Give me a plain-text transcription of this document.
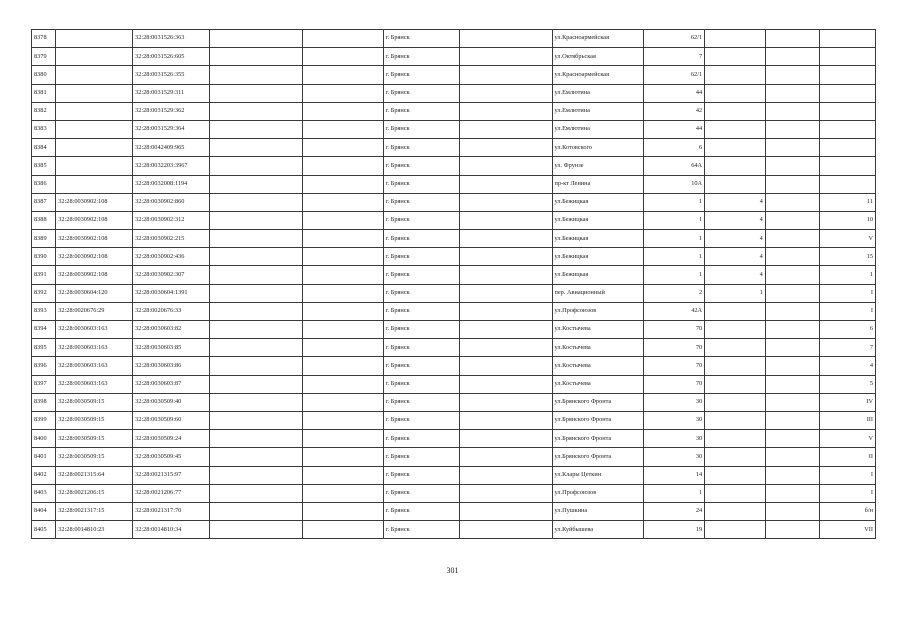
8378		32:28:0031526:363			г. Брянск		ул.Красноармейская	62/1			
8379		32:28:0031526:605			г. Брянск		ул.Октябрьская	7			
8380		32:28:0031526:355			г. Брянск		ул.Красноармейская	62/1			
8381		32:28:0031529:311			г. Брянск		ул.Емлютина	44			
8382		32:28:0031529:362			г. Брянск		ул.Емлютина	42			
8383		32:28:0031529:364			г. Брянск		ул.Емлютина	44			
8384		32:28:0042409:965			г. Брянск		ул.Котовского	6			
8385		32:28:0032203:3967			г. Брянск		ул. Фрунзе	64А			
8386		32:28:0032008:1194			г. Брянск		пр-кт Ленина	10А			
8387	32:28:0030902:108	32:28:0030902:860			г. Брянск		ул.Бежицкая	1	4		11
8388	32:28:0030902:108	32:28:0030902:312			г. Брянск		ул.Бежицкая	1	4		10
8389	32:28:0030902:108	32:28:0030902:215			г. Брянск		ул.Бежицкая	1	4		V
8390	32:28:0030902:108	32:28:0030902:436			г. Брянск		ул.Бежицкая	1	4		15
8391	32:28:0030902:108	32:28:0030902:307			г. Брянск		ул.Бежицкая	1	4		1
8392	32:28:0030604:120	32:28:0030604:1391			г. Брянск		пер. Авиационный	2	1		I
8393	32:28:0020676:29	32:28:0020676:33			г. Брянск		ул.Профсоюзов	42А			I
8394	32:28:0030603:163	32:28:0030603:82			г. Брянск		ул.Костычева	70			6
8395	32:28:0030603:163	32:28:0030603:85			г. Брянск		ул.Костычева	70			7
8396	32:28:0030603:163	32:28:0030603:86			г. Брянск		ул.Костычева	70			4
8397	32:28:0030603:163	32:28:0030603:87			г. Брянск		ул.Костычева	70			5
8398	32:28:0030509:15	32:28:0030509:40			г. Брянск		ул.Брянского Фронта	30			IV
8399	32:28:0030509:15	32:28:0030509:60			г. Брянск		ул.Брянского Фронта	30			III
8400	32:28:0030509:15	32:28:0030509:24			г. Брянск		ул.Брянского Фронта	30			V
8401	32:28:0030509:15	32:28:0030509:45			г. Брянск		ул.Брянского Фронта	30			II
8402	32:28:0021315:64	32:28:0021315:97			г. Брянск		ул.Клары Цеткин	14			I
8403	32:28:0021206:15	32:28:0021206:77			г. Брянск		ул.Профсоюзов	1			I
8404	32:28:0021317:15	32:28:0021317:70			г. Брянск		ул.Пушкина	24			б/н
8405	32:28:0014810:23	32:28:0014810:34			г. Брянск		ул.Куйбышева	19			VII
301
